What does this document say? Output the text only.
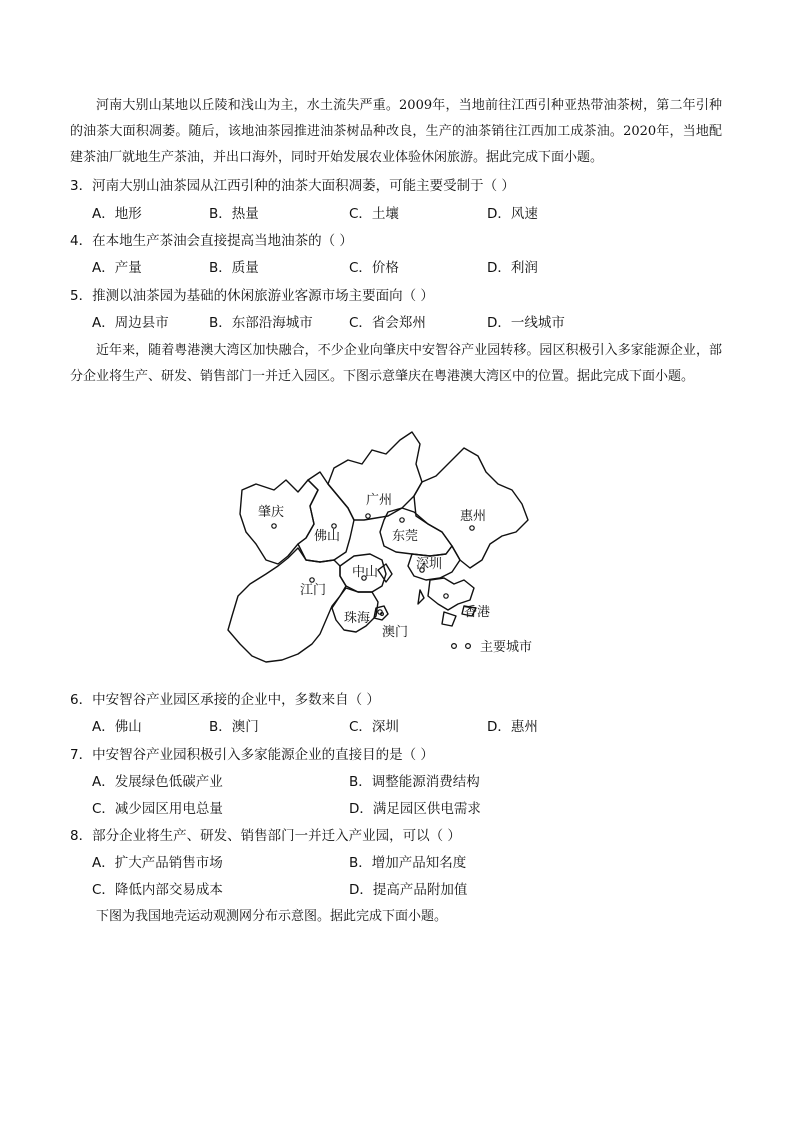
河南大别山某地以丘陵和浅山为主，水土流失严重。2009年，当地前往江西引种亚热带油茶树，第二年引种的油茶大面积凋萎。随后，该地油茶园推进油茶树品种改良，生产的油茶销往江西加工成茶油。2020年，当地配建茶油厂就地生产茶油，并出口海外，同时开始发展农业体验休闲旅游。据此完成下面小题。

3．河南大别山油茶园从江西引种的油茶大面积凋萎，可能主要受制于（ ）
A．地形	B．热量	C．土壤	D．风速
4．在本地生产茶油会直接提高当地油茶的（ ）
A．产量	B．质量	C．价格	D．利润
5．推测以油茶园为基础的休闲旅游业客源市场主要面向（ ）
A．周边县市	B．东部沿海城市	C．省会郑州	D．一线城市

近年来，随着粤港澳大湾区加快融合，不少企业向肇庆中安智谷产业园转移。园区积极引入多家能源企业，部分企业将生产、研发、销售部门一并迁入园区。下图示意肇庆在粤港澳大湾区中的位置。据此完成下面小题。

肇庆
广州
佛山	东莞
惠州
深圳
中山
江门
珠海
澳门
香港
主要城市
6．中安智谷产业园区承接的企业中，多数来自（ ）
A．佛山	B．澳门	C．深圳	D．惠州
7．中安智谷产业园积极引入多家能源企业的直接目的是（ ）
A．发展绿色低碳产业	B．调整能源消费结构
C．减少园区用电总量	D．满足园区供电需求
8．部分企业将生产、研发、销售部门一并迁入产业园，可以（ ）
A．扩大产品销售市场	B．增加产品知名度
C．降低内部交易成本	D．提高产品附加值

下图为我国地壳运动观测网分布示意图。据此完成下面小题。
